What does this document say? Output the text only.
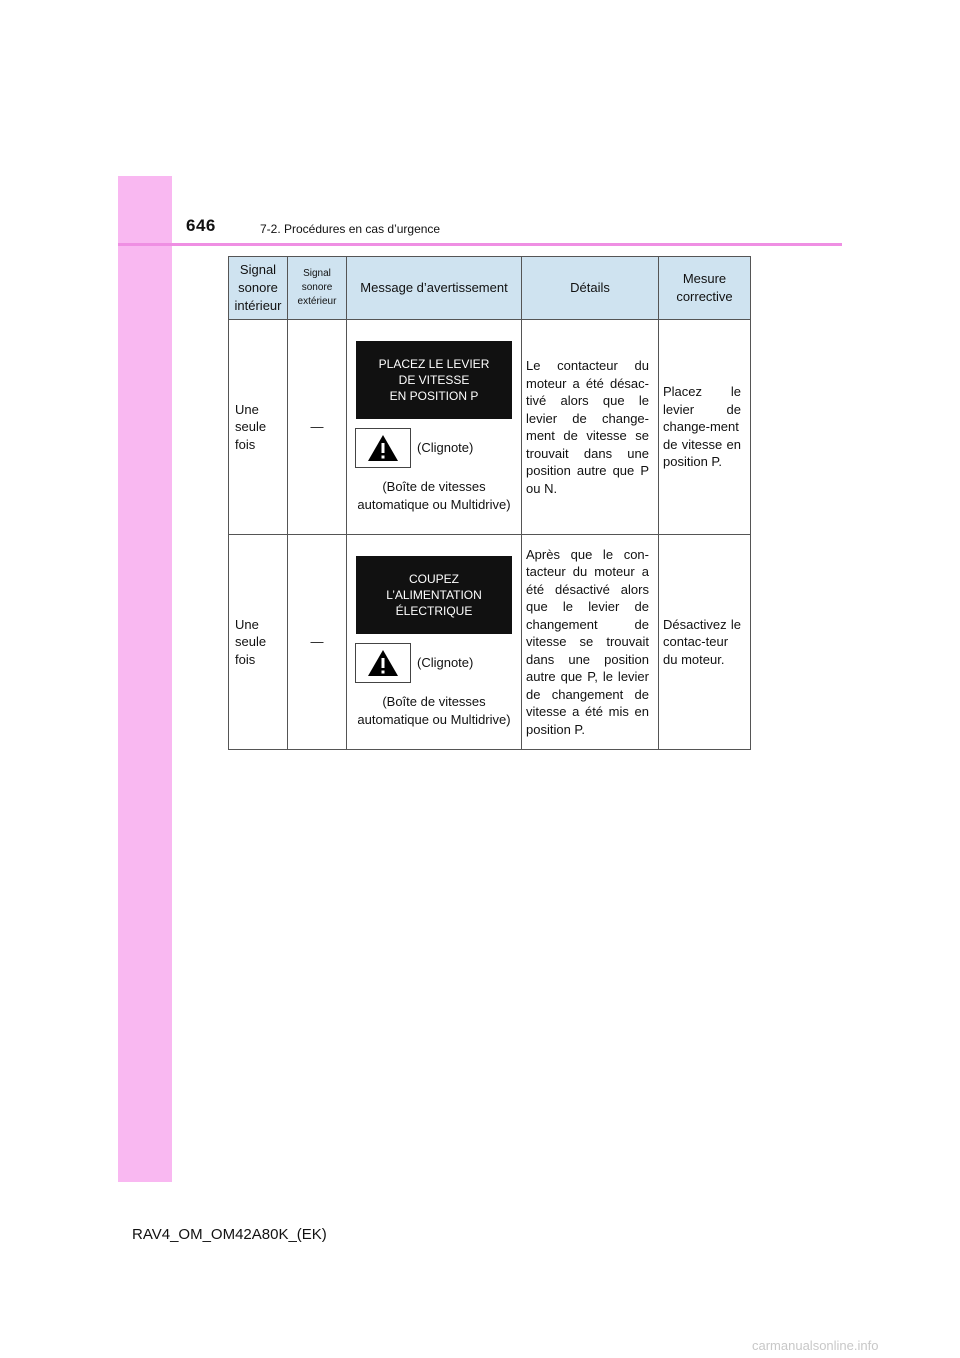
646	7-2. Procédures en cas d’urgence
Signal sonore intérieur	Signal sonore extérieur	Message d’avertissement	Détails	Mesure corrective
Une seule fois	—	PLACEZ LE LEVIER
DE VITESSE
EN POSITION P
(Clignote)
(Boîte de vitesses automatique ou Multidrive)	Le contacteur du moteur a été désac-tivé alors que le levier de change-ment de vitesse se trouvait dans une position autre que P ou N.	Placez le levier de change-ment de vitesse en position P.
Une seule fois	—	COUPEZ
L’ALIMENTATION
ÉLECTRIQUE
(Clignote)
(Boîte de vitesses automatique ou Multidrive)	Après que le con-tacteur du moteur a été désactivé alors que le levier de changement de vitesse se trouvait dans une position autre que P, le levier de changement de vitesse a été mis en position P.	Désactivez le contac-teur du moteur.
RAV4_OM_OM42A80K_(EK)
carmanualsonline.info
